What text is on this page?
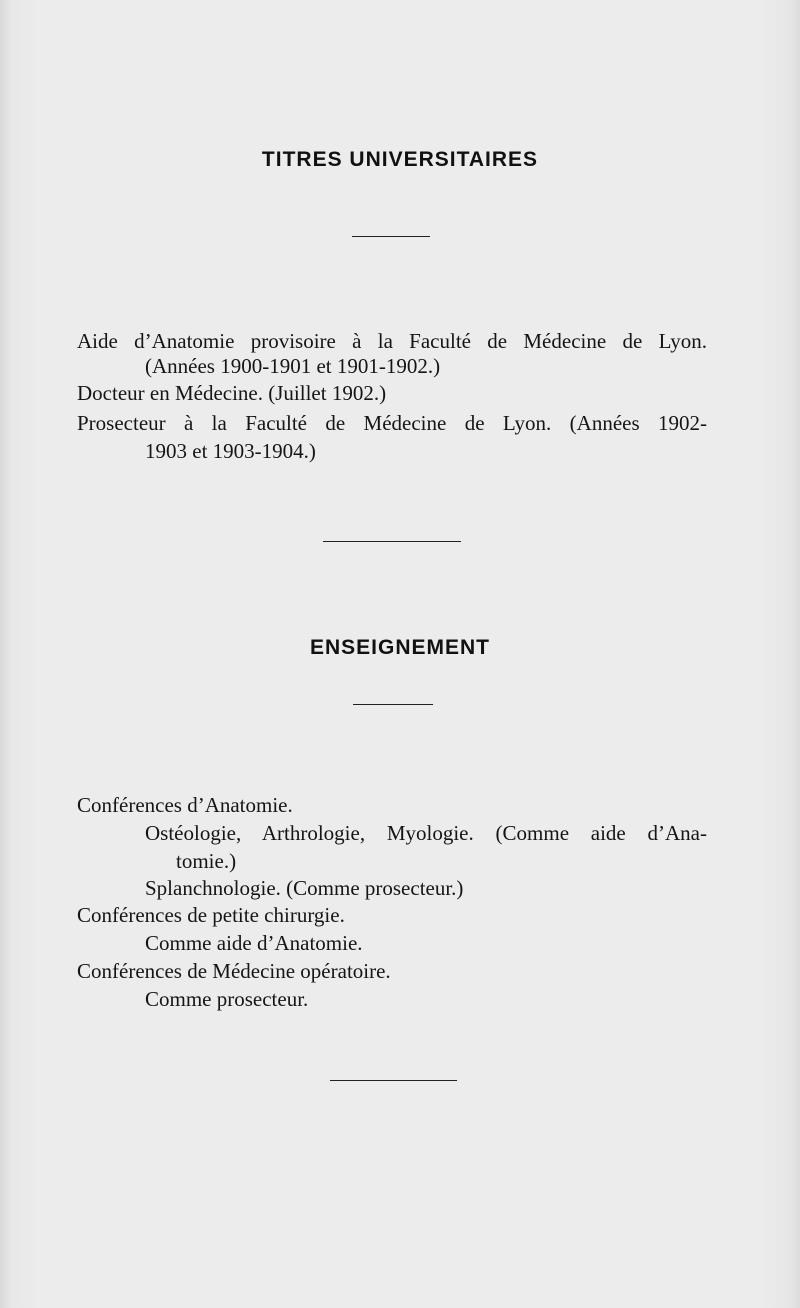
TITRES UNIVERSITAIRES
Aide d’Anatomie provisoire à la Faculté de Médecine de Lyon.
(Années 1900-1901 et 1901-1902.)
Docteur en Médecine. (Juillet 1902.)
Prosecteur à la Faculté de Médecine de Lyon. (Années 1902-
1903 et 1903-1904.)
ENSEIGNEMENT
Conférences d’Anatomie.
Ostéologie, Arthrologie, Myologie. (Comme aide d’Ana-
tomie.)
Splanchnologie. (Comme prosecteur.)
Conférences de petite chirurgie.
Comme aide d’Anatomie.
Conférences de Médecine opératoire.
Comme prosecteur.
